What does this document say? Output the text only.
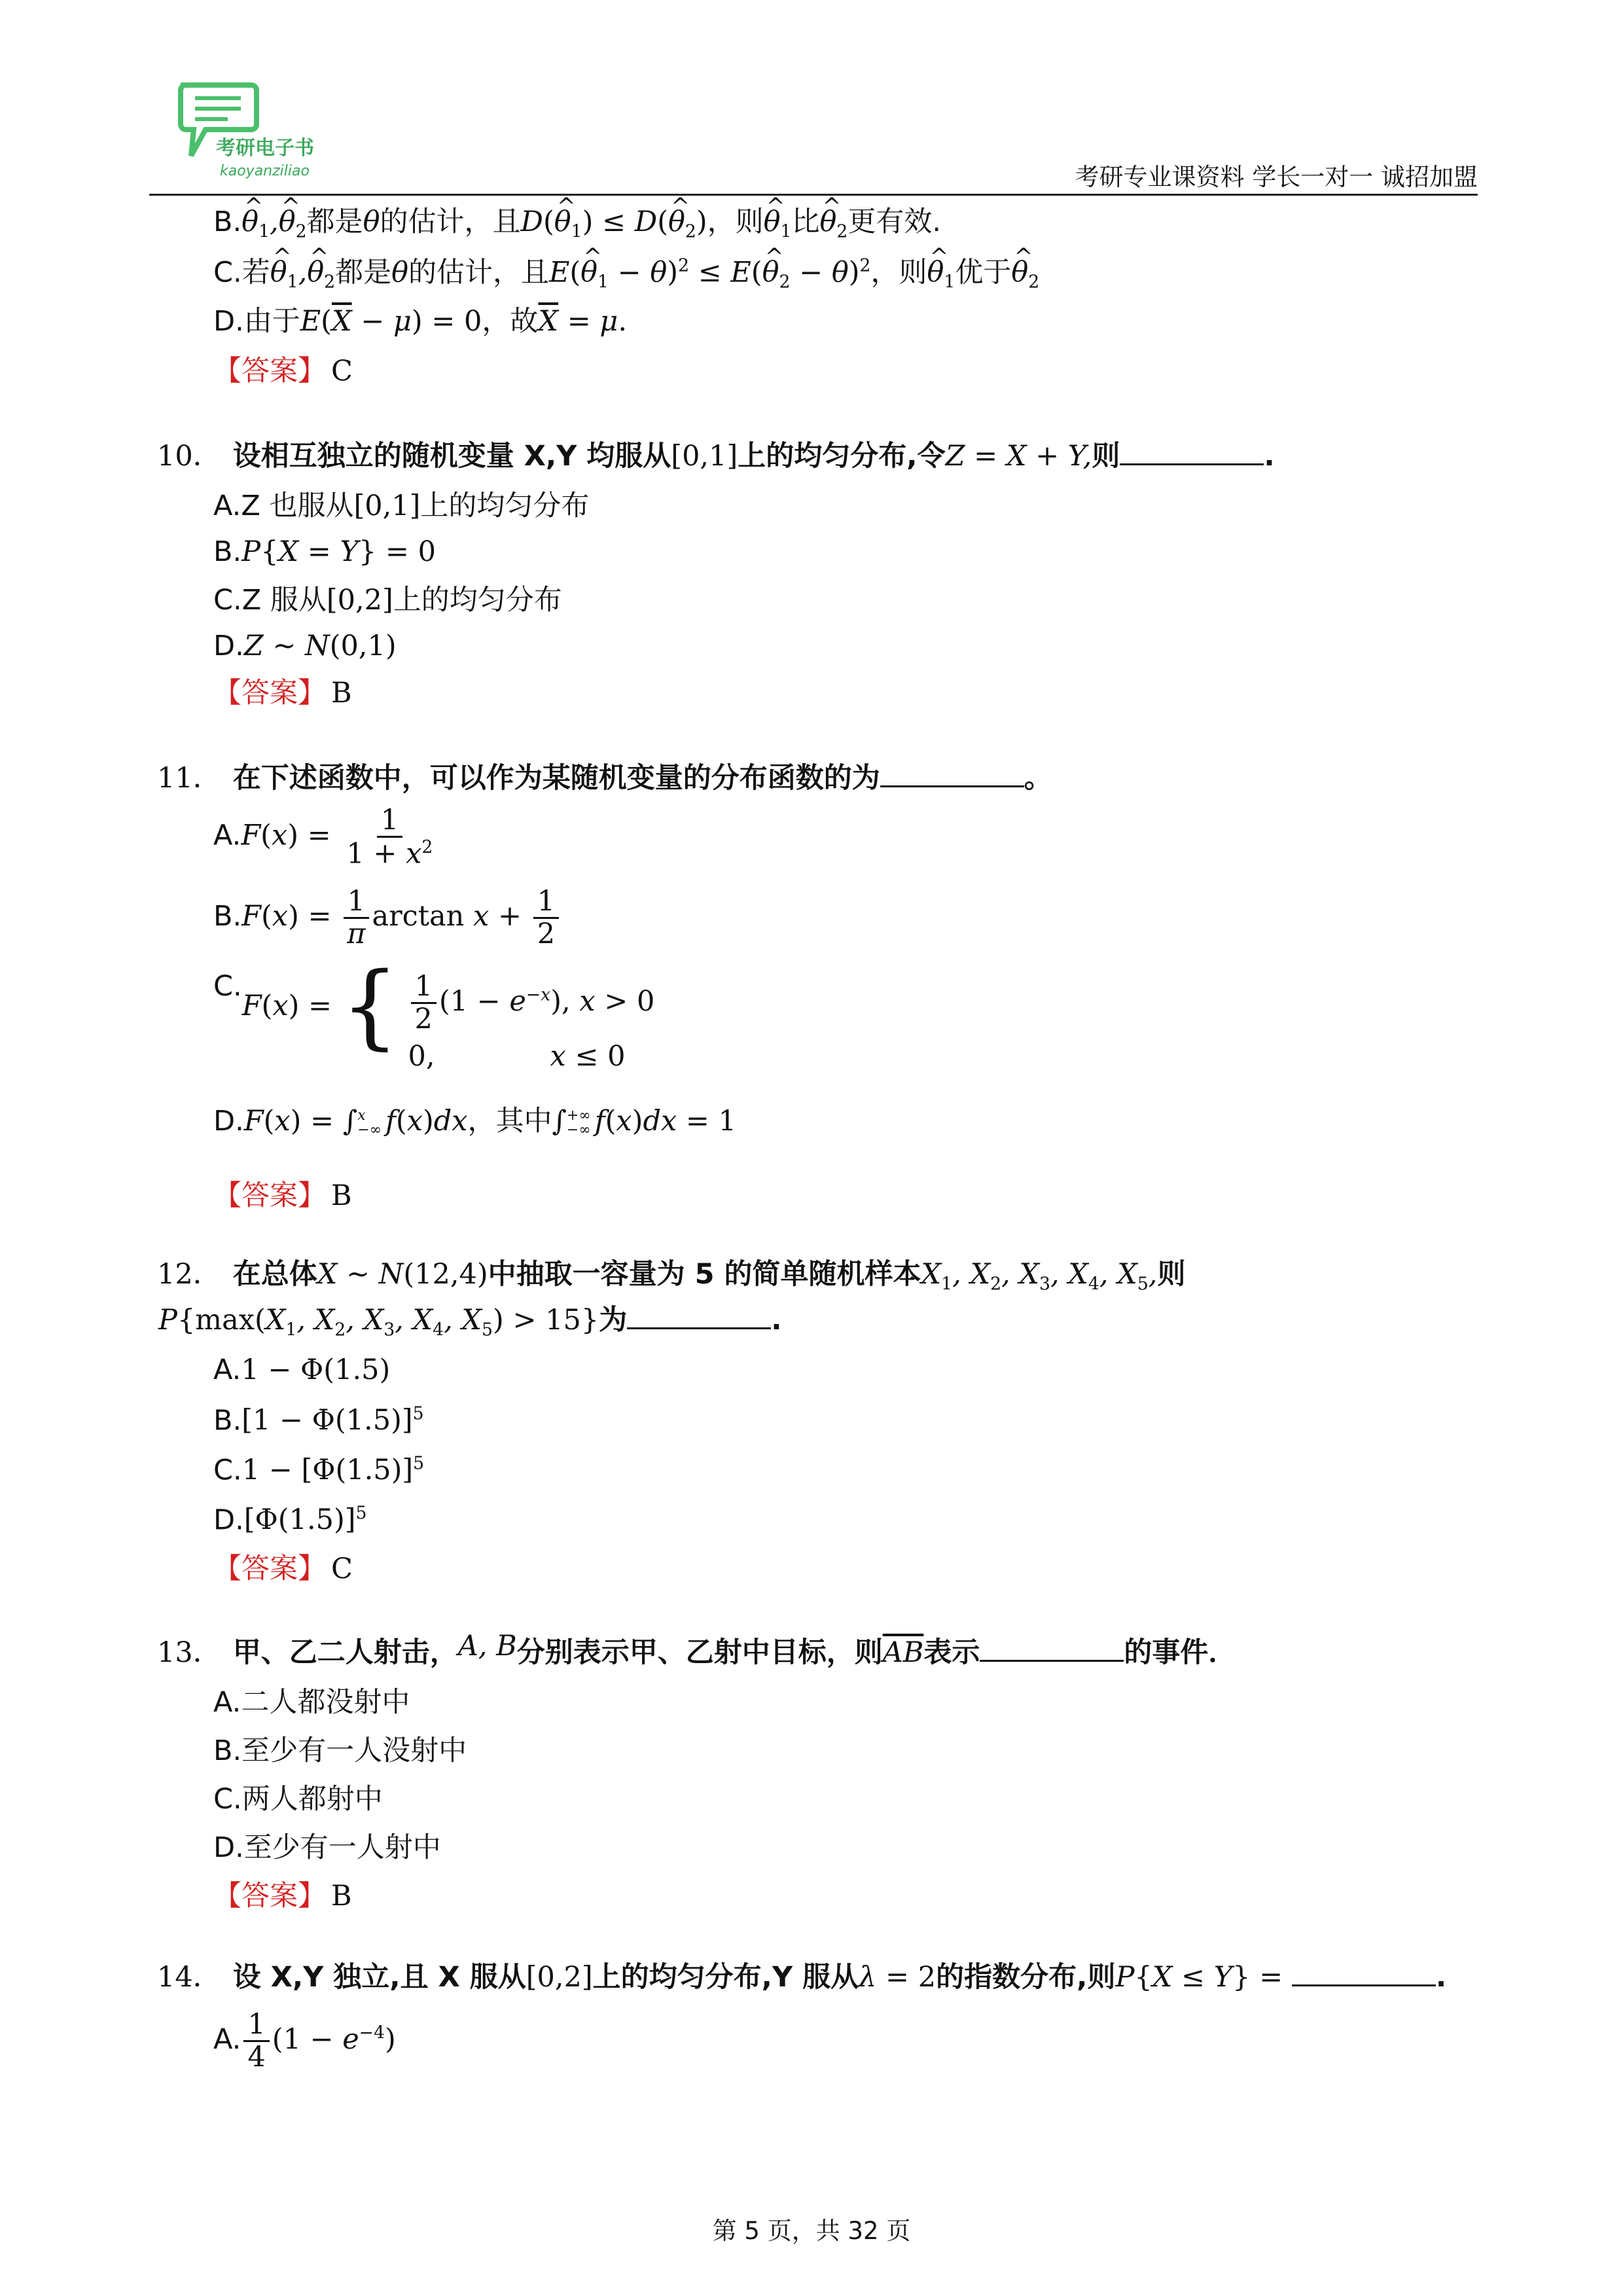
考研电子书
kaoyanziliao	考研专业课资料 学长一对一 诚招加盟
B.^ $\theta_1,\^{}$ $\theta_2$都是θ的估计，且D(^ $\theta_1$) ≤ D(^ $\theta_2$)，则^ $\theta_1$比^ $\theta_2$更有效.
C.若^ $\theta_1,\^{}$ $\theta_2$都是θ的估计，且E(^ $\theta_1 - \theta)^2$ ≤ E(^ $\theta_2 - \theta)^2$，则^ $\theta_1$优于^ $\theta_2$
D.由于$E(\overline{X} - \mu) = 0$，故$\overline{X} = \mu$.
【答案】 C
10． 设相互独立的随机变量 X,Y 均服从[0,1]上的均匀分布,令Z = X + Y,则	.
A.Z 也服从[0,1]上的均匀分布
B.P{X = Y} = 0
C.Z 服从[0,2]上的均匀分布
D.Z ~ N(0,1)
【答案】 B
11． 在下述函数中，可以作为某随机变量的分布函数的为	。
$A.F(x) = \frac{1}{1 + x^2}$
$B.F(x) = \frac{1}{\pi}$ $\arctan x + \frac{1}{2}$
C.F(x) = { $\frac{1}{2} (1 - e^{-x})$, x > 0
0,	x ≤ 0
D.F(x) = ∫ x
−∞ f(x)dx，其中∫ +∞
−∞ f(x)dx = 1
【答案】 B
12． 在总体X ~ N(12,4)中抽取一容量为 5 的简单随机样本$X_1$, $X_2$, $X_3$, $X_4$, $X_5$,则
$P\{\max(X_1$, $X_2$, $X_3$, $X_4$, $X_5) > 15$}为	.
A.1 − Φ(1.5)
$B.[1 - \Phi(1.5)]^5$
$C.1 - [\Phi(1.5)]^5$
$D.[\Phi(1.5)]^5$
【答案】 C
13． 甲、乙二人射击，A, B分别表示甲、乙射中目标，则$\overline{AB}$表示	的事件．
A.二人都没射中
B.至少有一人没射中
C.两人都射中
D.至少有一人射中
【答案】 B
14． 设 X,Y 独立,且 X 服从[0,2]上的均匀分布,Y 服从λ = 2的指数分布,则P{X ≤ Y} =	.
A. $\frac{1}{4} (1 - e^{-4})$
第 5 页，共 32 页
